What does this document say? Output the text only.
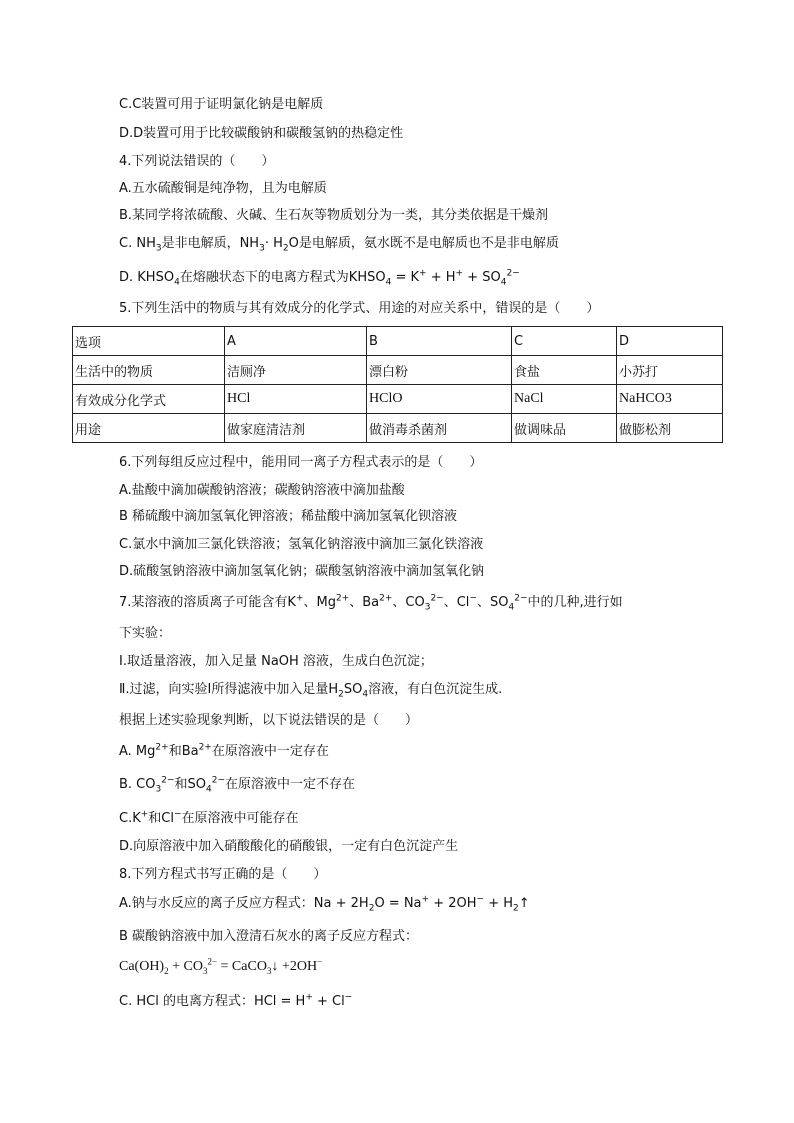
C.C装置可用于证明氯化钠是电解质
D.D装置可用于比较碳酸钠和碳酸氢钠的热稳定性
4.下列说法错误的（　　）
A.五水硫酸铜是纯净物，且为电解质
B.某同学将浓硫酸、火碱、生石灰等物质划分为一类，其分类依据是干燥剂
C. $NH_3$是非电解质，$NH_3\cdot H_2O$是电解质，氨水既不是电解质也不是非电解质
D. $KHSO_4$在熔融状态下的电离方程式为$KHSO_4 = K^+ + H^+ + SO_4^{2-}$
5.下列生活中的物质与其有效成分的化学式、用途的对应关系中，错误的是（　　）
选项	A	B	C	D
生活中的物质	洁厕净	漂白粉	食盐	小苏打
有效成分化学式	HCl	HClO	NaCl	NaHCO3
用途	做家庭清洁剂	做消毒杀菌剂	做调味品	做膨松剂
6.下列每组反应过程中，能用同一离子方程式表示的是（　　）
A.盐酸中滴加碳酸钠溶液；碳酸钠溶液中滴加盐酸
B 稀硫酸中滴加氢氧化钾溶液；稀盐酸中滴加氢氧化钡溶液
C.氯水中滴加三氯化铁溶液；氢氧化钠溶液中滴加三氯化铁溶液
D.硫酸氢钠溶液中滴加氢氧化钠；碳酸氢钠溶液中滴加氢氧化钠
7.某溶液的溶质离子可能含有K+、$Mg^{2+}$、$Ba^{2+}$、$CO_3^{2-}$、Cl−、$SO_4^{2-}$中的几种,进行如
下实验：
Ⅰ.取适量溶液，加入足量 NaOH 溶液，生成白色沉淀；
Ⅱ.过滤，向实验Ⅰ所得滤液中加入足量$H_2SO_4$溶液，有白色沉淀生成.
根据上述实验现象判断，以下说法错误的是（　　）
A. $Mg^{2+}$和$Ba^{2+}$在原溶液中一定存在
B. $CO_3^{2-}$和$SO_4^{2-}$在原溶液中一定不存在
C.K+和Cl−在原溶液中可能存在
D.向原溶液中加入硝酸酸化的硝酸银，一定有白色沉淀产生
8.下列方程式书写正确的是（　　）
A.钠与水反应的离子反应方程式：$Na + 2H_2O = Na^+ + 2OH^-$ + $H_2↑$
B 碳酸钠溶液中加入澄清石灰水的离子反应方程式：
$Ca(OH)_2 + CO_3^{2-}$ = CaCO$_3$↓ +2OH−
C. HCl 的电离方程式：HCl = H+ + Cl−
